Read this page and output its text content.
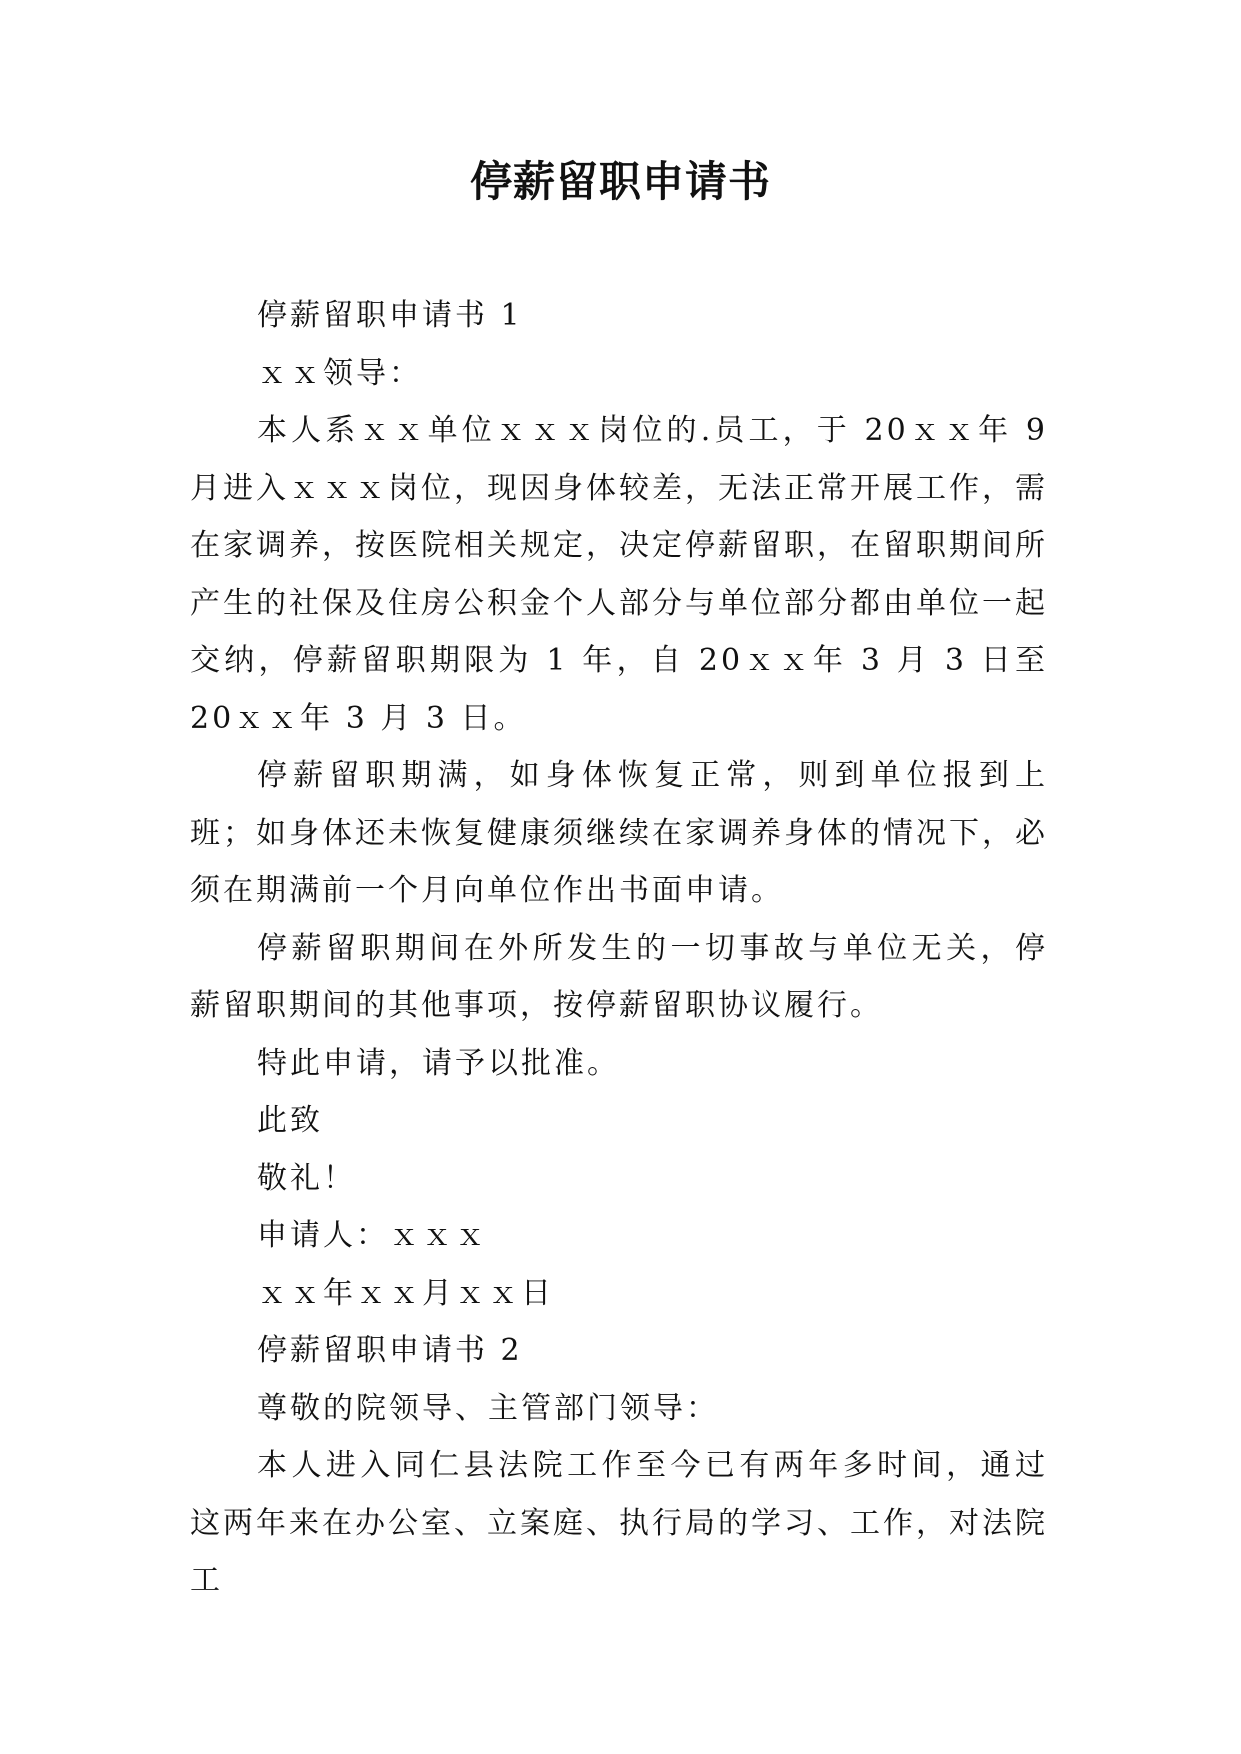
停薪留职申请书

停薪留职申请书 1

ｘｘ领导：

本人系ｘｘ单位ｘｘｘ岗位的.员工，于 20ｘｘ年 9 月进入ｘｘｘ岗位，现因身体较差，无法正常开展工作，需在家调养，按医院相关规定，决定停薪留职，在留职期间所产生的社保及住房公积金个人部分与单位部分都由单位一起交纳，停薪留职期限为 1 年，自 20ｘｘ年 3 月 3 日至 20ｘｘ年 3 月 3 日。

停薪留职期满，如身体恢复正常，则到单位报到上班；如身体还未恢复健康须继续在家调养身体的情况下，必须在期满前一个月向单位作出书面申请。

停薪留职期间在外所发生的一切事故与单位无关，停薪留职期间的其他事项，按停薪留职协议履行。

特此申请，请予以批准。

此致

敬礼！

申请人：ｘｘｘ

ｘｘ年ｘｘ月ｘｘ日

停薪留职申请书 2

尊敬的院领导、主管部门领导：

本人进入同仁县法院工作至今已有两年多时间，通过这两年来在办公室、立案庭、执行局的学习、工作，对法院工
